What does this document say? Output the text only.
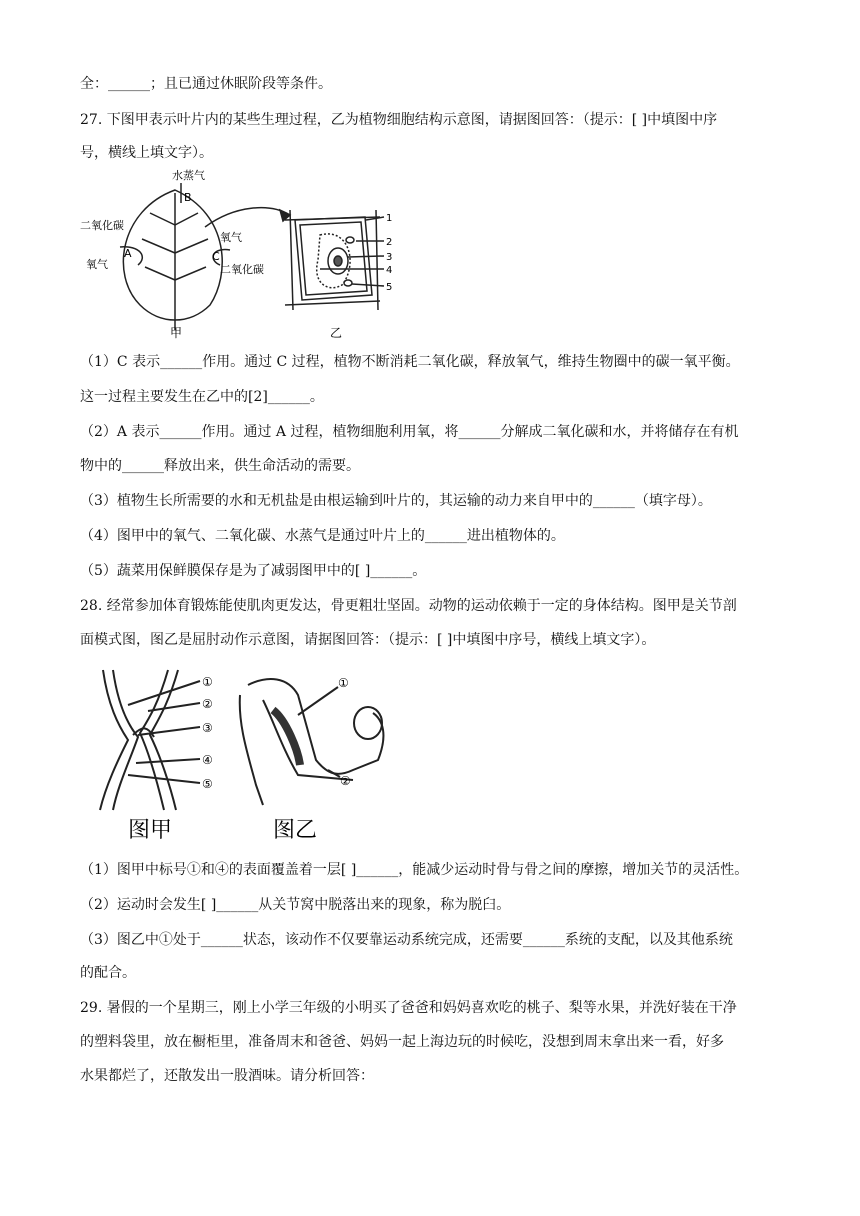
全：______；且已通过休眠阶段等条件。
27. 下图甲表示叶片内的某些生理过程，乙为植物细胞结构示意图，请据图回答：（提示：[ ]中填图中序
号，横线上填文字）。
水蒸气
B
二氧化碳
A
氧气
氧气
C
二氧化碳
甲
1
2
3
4
5
乙
（1）C 表示______作用。通过 C 过程，植物不断消耗二氧化碳，释放氧气，维持生物圈中的碳一氧平衡。
这一过程主要发生在乙中的[2]______。
（2）A 表示______作用。通过 A 过程，植物细胞利用氧，将______分解成二氧化碳和水，并将储存在有机
物中的______释放出来，供生命活动的需要。
（3）植物生长所需要的水和无机盐是由根运输到叶片的，其运输的动力来自甲中的______（填字母）。
（4）图甲中的氧气、二氧化碳、水蒸气是通过叶片上的______进出植物体的。
（5）蔬菜用保鲜膜保存是为了减弱图甲中的[ ]______。
28. 经常参加体育锻炼能使肌肉更发达，骨更粗壮坚固。动物的运动依赖于一定的身体结构。图甲是关节剖
面模式图，图乙是屈肘动作示意图，请据图回答：（提示：[ ]中填图中序号，横线上填文字）。
①
②
③
④
⑤
图甲
①
②
图乙
（1）图甲中标号①和④的表面覆盖着一层[ ]______，能减少运动时骨与骨之间的摩擦，增加关节的灵活性。
（2）运动时会发生[ ]______从关节窝中脱落出来的现象，称为脱臼。
（3）图乙中①处于______状态，该动作不仅要靠运动系统完成，还需要______系统的支配，以及其他系统
的配合。
29. 暑假的一个星期三，刚上小学三年级的小明买了爸爸和妈妈喜欢吃的桃子、梨等水果，并洗好装在干净
的塑料袋里，放在橱柜里，准备周末和爸爸、妈妈一起上海边玩的时候吃，没想到周末拿出来一看，好多
水果都烂了，还散发出一股酒味。请分析回答：
